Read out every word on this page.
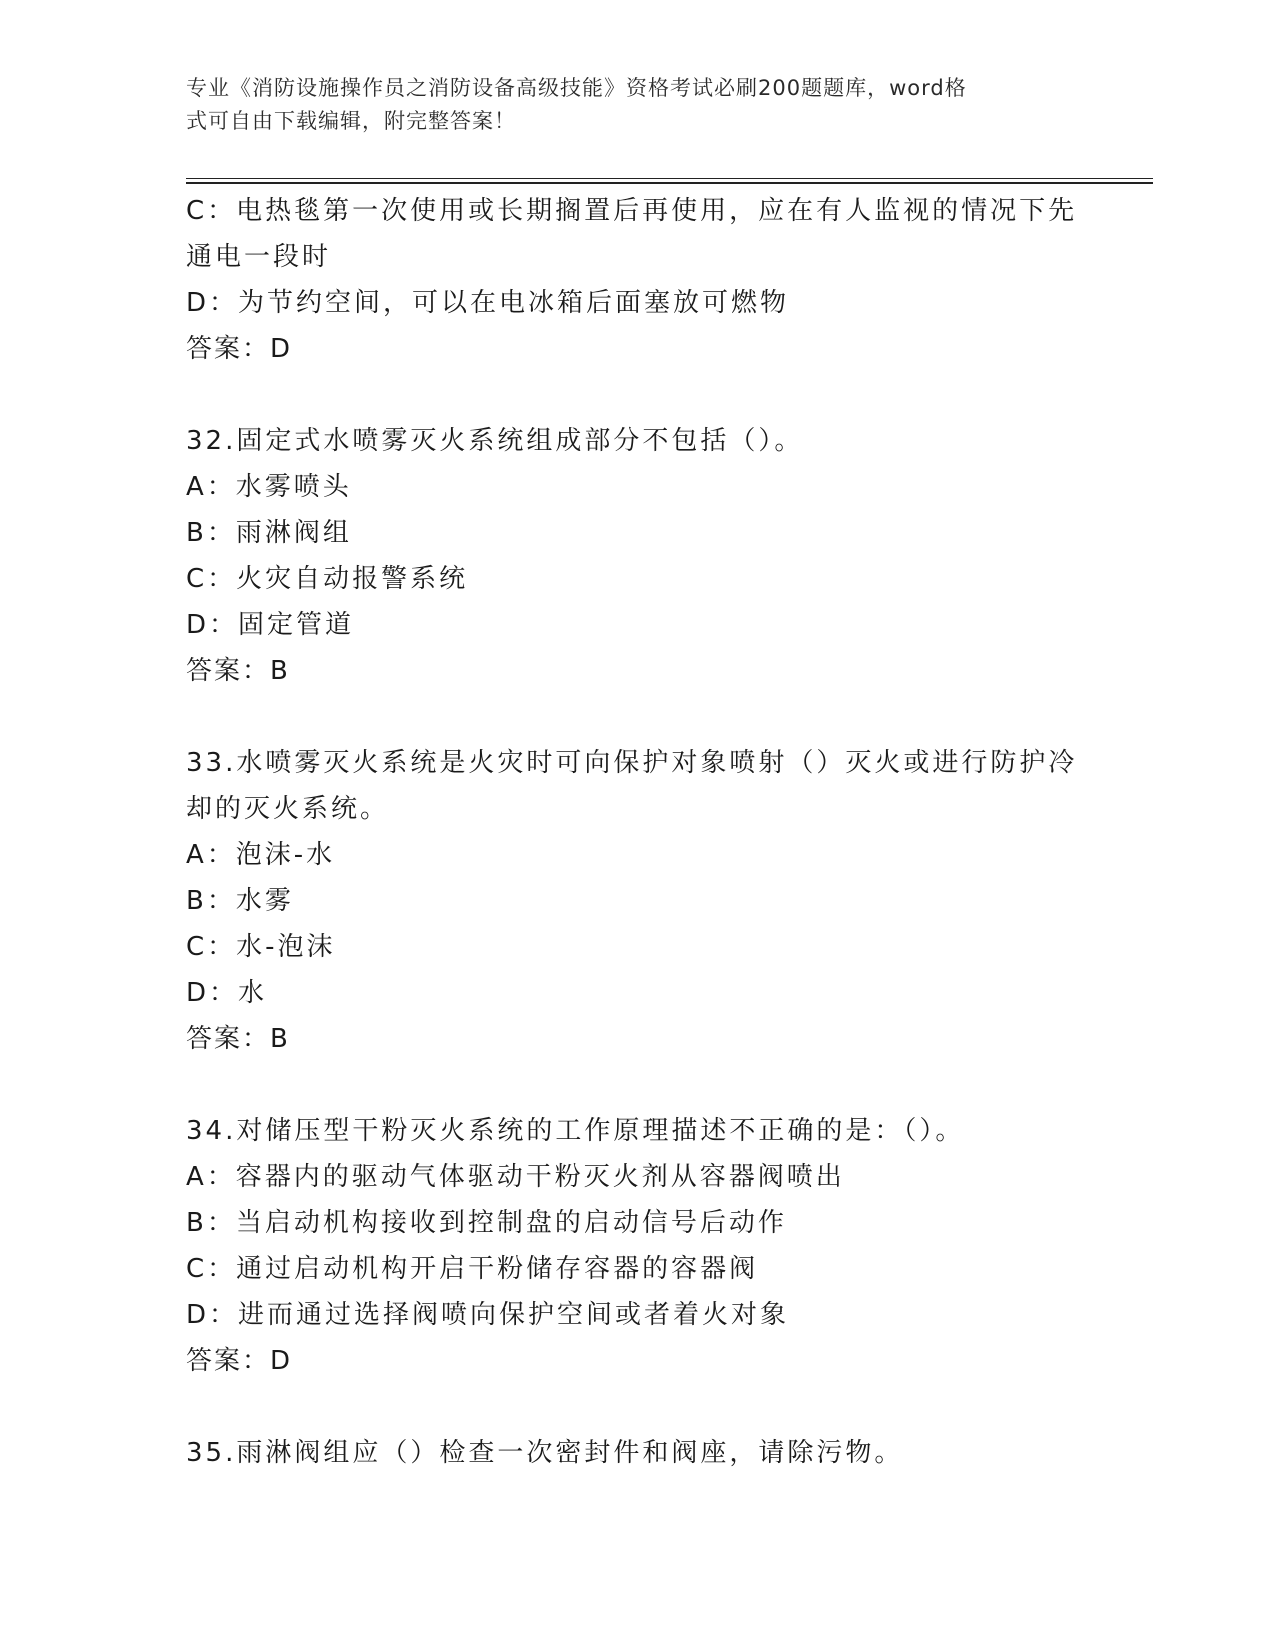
专业《消防设施操作员之消防设备高级技能》资格考试必刷200题题库，word格
式可自由下载编辑，附完整答案！
C：电热毯第一次使用或长期搁置后再使用，应在有人监视的情况下先
通电一段时
D：为节约空间，可以在电冰箱后面塞放可燃物
答案：D
32.固定式水喷雾灭火系统组成部分不包括（）。
A：水雾喷头
B：雨淋阀组
C：火灾自动报警系统
D：固定管道
答案：B
33.水喷雾灭火系统是火灾时可向保护对象喷射（）灭火或进行防护冷
却的灭火系统。
A：泡沫-水
B：水雾
C：水-泡沫
D：水
答案：B
34.对储压型干粉灭火系统的工作原理描述不正确的是：（）。
A：容器内的驱动气体驱动干粉灭火剂从容器阀喷出
B：当启动机构接收到控制盘的启动信号后动作
C：通过启动机构开启干粉储存容器的容器阀
D：进而通过选择阀喷向保护空间或者着火对象
答案：D
35.雨淋阀组应（）检查一次密封件和阀座，请除污物。
